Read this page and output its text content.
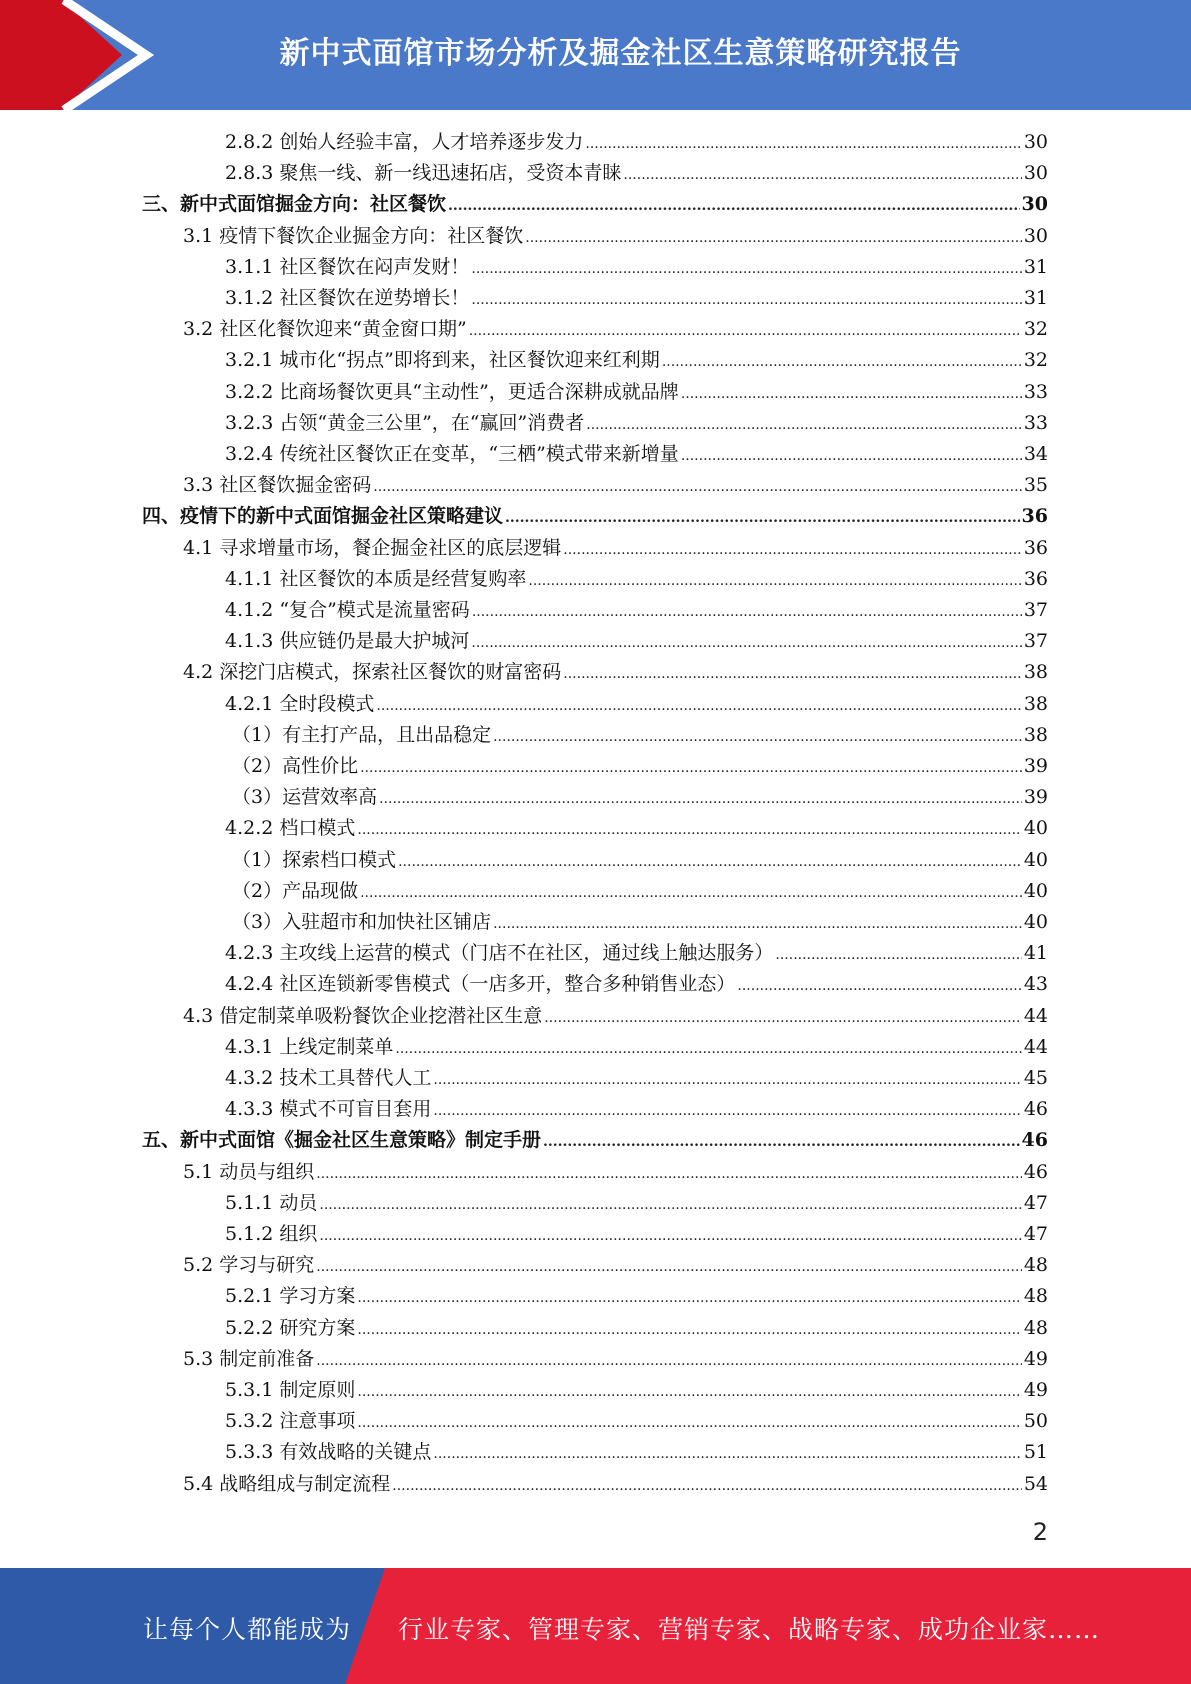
新中式面馆市场分析及掘金社区生意策略研究报告
2.8.2 创始人经验丰富，人才培养逐步发力 .....	30
2.8.3 聚焦一线、新一线迅速拓店，受资本青睐 .....	30
三、新中式面馆掘金方向：社区餐饮 .....	30
3.1 疫情下餐饮企业掘金方向：社区餐饮 .....	30
3.1.1 社区餐饮在闷声发财！ .....	31
3.1.2 社区餐饮在逆势增长！ .....	31
3.2 社区化餐饮迎来“黄金窗口期” .....	32
3.2.1 城市化“拐点”即将到来，社区餐饮迎来红利期 .....	32
3.2.2 比商场餐饮更具“主动性”，更适合深耕成就品牌 .....	33
3.2.3 占领“黄金三公里”，在“赢回”消费者 .....	33
3.2.4 传统社区餐饮正在变革，“三栖”模式带来新增量 .....	34
3.3 社区餐饮掘金密码 .....	35
四、疫情下的新中式面馆掘金社区策略建议 .....	36
4.1 寻求增量市场，餐企掘金社区的底层逻辑 .....	36
4.1.1 社区餐饮的本质是经营复购率 .....	36
4.1.2 “复合”模式是流量密码 .....	37
4.1.3 供应链仍是最大护城河 .....	37
4.2 深挖门店模式，探索社区餐饮的财富密码 .....	38
4.2.1 全时段模式 .....	38
（1）有主打产品，且出品稳定 .....	38
（2）高性价比 .....	39
（3）运营效率高 .....	39
4.2.2 档口模式 .....	40
（1）探索档口模式 .....	40
（2）产品现做 .....	40
（3）入驻超市和加快社区铺店 .....	40
4.2.3 主攻线上运营的模式（门店不在社区，通过线上触达服务） .....	41
4.2.4 社区连锁新零售模式（一店多开，整合多种销售业态） .....	43
4.3 借定制菜单吸粉餐饮企业挖潜社区生意 .....	44
4.3.1 上线定制菜单 .....	44
4.3.2 技术工具替代人工 .....	45
4.3.3 模式不可盲目套用 .....	46
五、新中式面馆《掘金社区生意策略》制定手册 .....	46
5.1 动员与组织 .....	46
5.1.1 动员 .....	47
5.1.2 组织 .....	47
5.2 学习与研究 .....	48
5.2.1 学习方案 .....	48
5.2.2 研究方案 .....	48
5.3 制定前准备 .....	49
5.3.1 制定原则 .....	49
5.3.2 注意事项 .....	50
5.3.3 有效战略的关键点 .....	51
5.4 战略组成与制定流程 .....	54
2
让每个人都能成为 行业专家、管理专家、营销专家、战略专家、成功企业家……
